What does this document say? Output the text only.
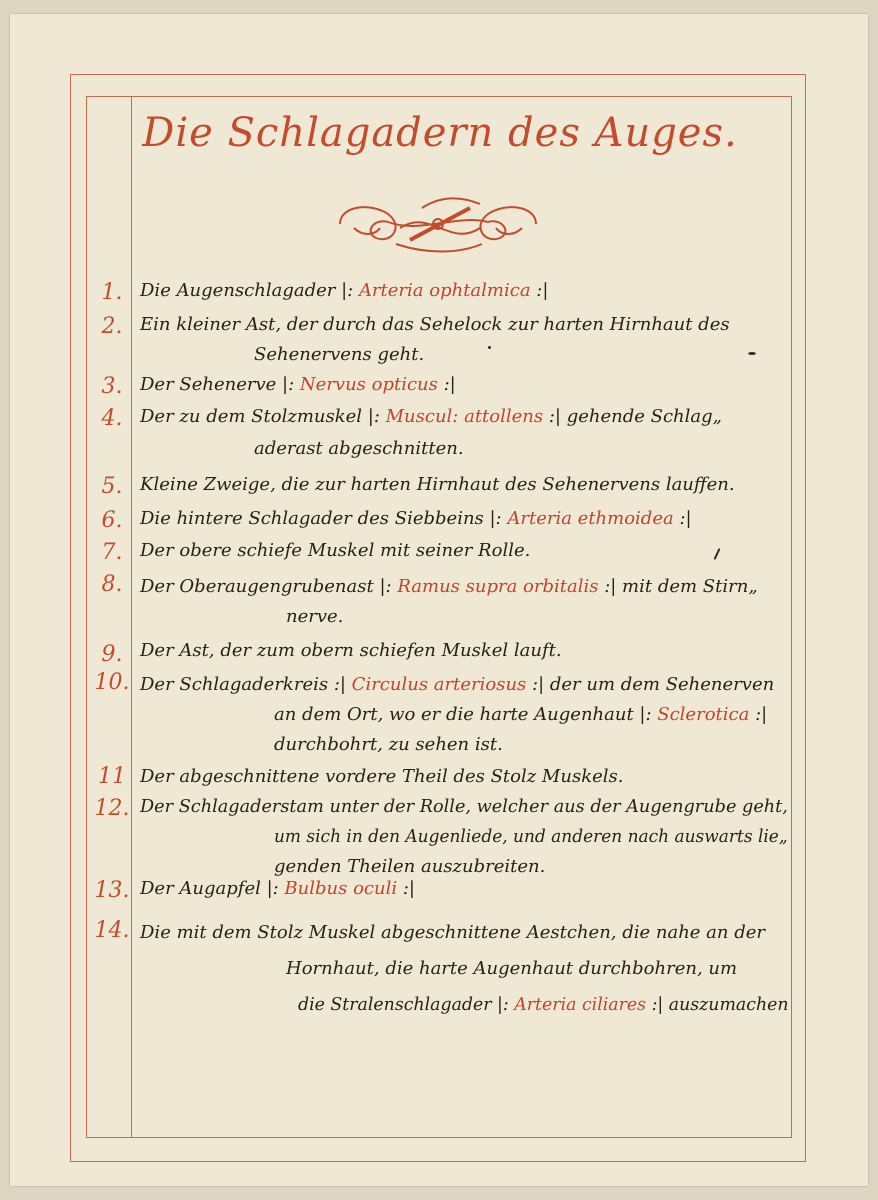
Die Schlagadern des Auges.
1. Die Augenschlagader |: Arteria ophtalmica :|
2. Ein kleiner Ast, der durch das Sehelock zur harten Hirnhaut des
Sehenervens geht.
3. Der Sehenerve |: Nervus opticus :|
4. Der zu dem Stolzmuskel |: Muscul: attollens :| gehende Schlag„
aderast abgeschnitten.
5. Kleine Zweige, die zur harten Hirnhaut des Sehenervens lauffen.
6. Die hintere Schlagader des Siebbeins |: Arteria ethmoidea :|
7. Der obere schiefe Muskel mit seiner Rolle.
8. Der Oberaugengrubenast |: Ramus supra orbitalis :| mit dem Stirn„
nerve.
9. Der Ast, der zum obern schiefen Muskel lauft.
10. Der Schlagaderkreis :| Circulus arteriosus :| der um dem Sehenerven
an dem Ort, wo er die harte Augenhaut |: Sclerotica :|
durchbohrt, zu sehen ist.
11 Der abgeschnittene vordere Theil des Stolz Muskels.
12. Der Schlagaderstam unter der Rolle, welcher aus der Augengrube geht,
um sich in den Augenliede, und anderen nach auswarts lie„
genden Theilen auszubreiten.
13. Der Augapfel |: Bulbus oculi :|
14. Die mit dem Stolz Muskel abgeschnittene Aestchen, die nahe an der
Hornhaut, die harte Augenhaut durchbohren, um
die Stralenschlagader |: Arteria ciliares :| auszumachen
